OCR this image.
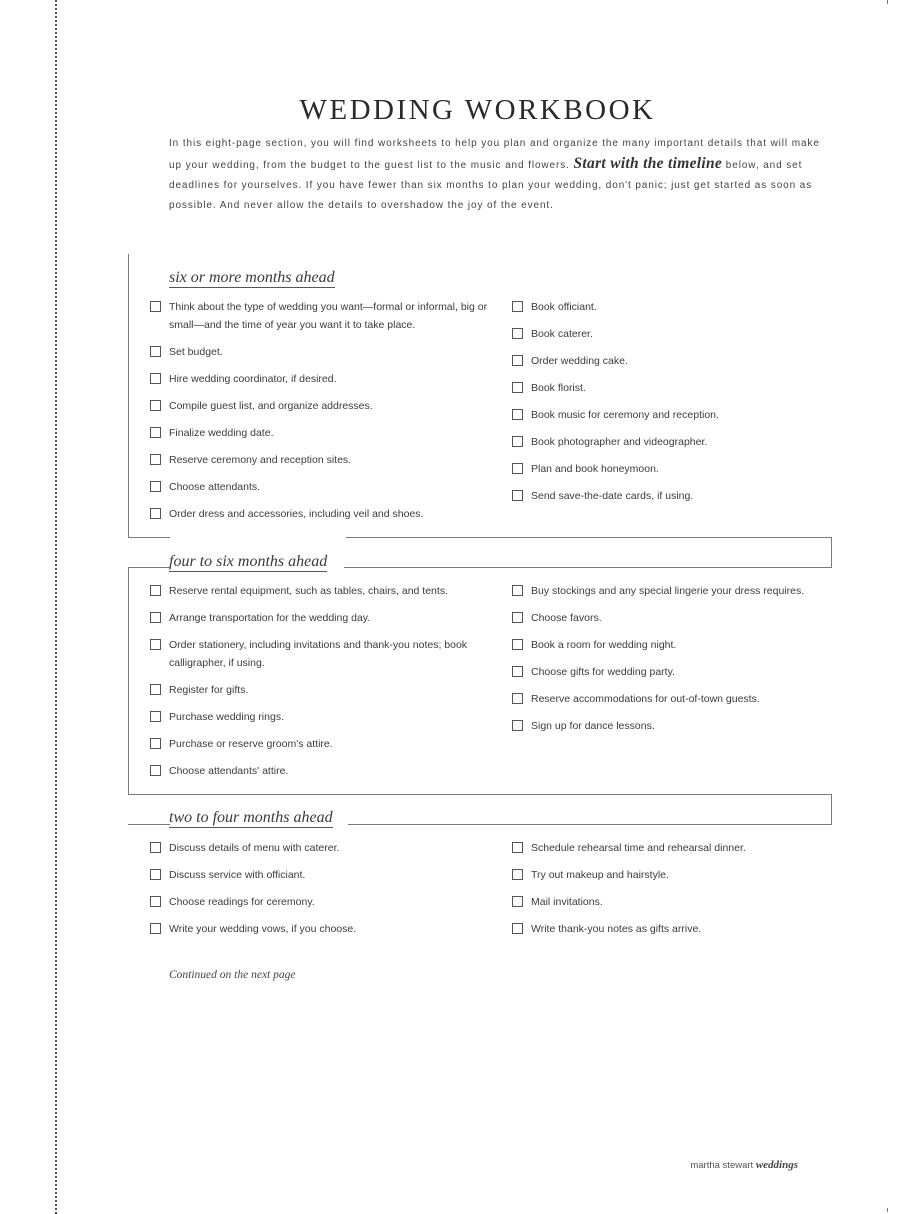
WEDDING WORKBOOK

In this eight-page section, you will find worksheets to help you plan and organize the many important details that will make up your wedding, from the budget to the guest list to the music and flowers. Start with the timeline below, and set deadlines for yourselves. If you have fewer than six months to plan your wedding, don't panic; just get started as soon as possible. And never allow the details to overshadow the joy of the event.

six or more months ahead
Think about the type of wedding you want—formal or informal, big or small—and the time of year you want it to take place.
Set budget.
Hire wedding coordinator, if desired.
Compile guest list, and organize addresses.
Finalize wedding date.
Reserve ceremony and reception sites.
Choose attendants.
Order dress and accessories, including veil and shoes.
Book officiant.
Book caterer.
Order wedding cake.
Book florist.
Book music for ceremony and reception.
Book photographer and videographer.
Plan and book honeymoon.
Send save-the-date cards, if using.
four to six months ahead
Reserve rental equipment, such as tables, chairs, and tents.
Arrange transportation for the wedding day.
Order stationery, including invitations and thank-you notes; book calligrapher, if using.
Register for gifts.
Purchase wedding rings.
Purchase or reserve groom's attire.
Choose attendants' attire.
Buy stockings and any special lingerie your dress requires.
Choose favors.
Book a room for wedding night.
Choose gifts for wedding party.
Reserve accommodations for out-of-town guests.
Sign up for dance lessons.
two to four months ahead
Discuss details of menu with caterer.
Discuss service with officiant.
Choose readings for ceremony.
Write your wedding vows, if you choose.
Schedule rehearsal time and rehearsal dinner.
Try out makeup and hairstyle.
Mail invitations.
Write thank-you notes as gifts arrive.
Continued on the next page
martha stewart weddings
